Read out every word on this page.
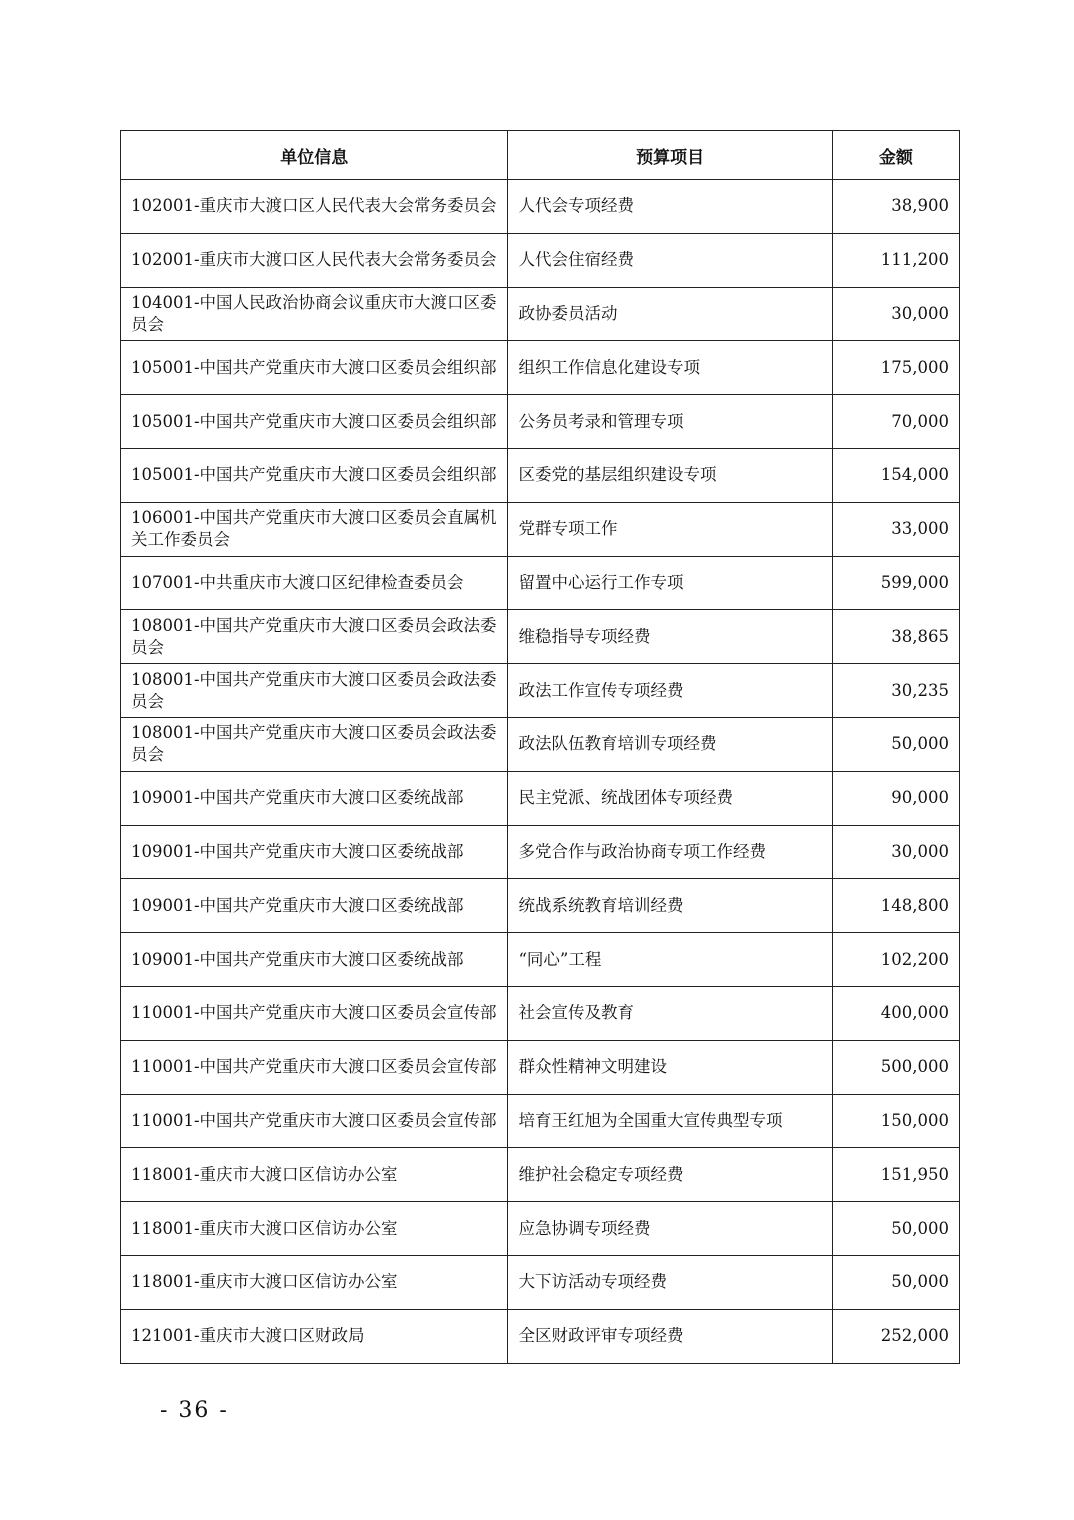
单位信息	预算项目	金额
102001-重庆市大渡口区人民代表大会常务委员会	人代会专项经费	38,900
102001-重庆市大渡口区人民代表大会常务委员会	人代会住宿经费	111,200
104001-中国人民政治协商会议重庆市大渡口区委员会	政协委员活动	30,000
105001-中国共产党重庆市大渡口区委员会组织部	组织工作信息化建设专项	175,000
105001-中国共产党重庆市大渡口区委员会组织部	公务员考录和管理专项	70,000
105001-中国共产党重庆市大渡口区委员会组织部	区委党的基层组织建设专项	154,000
106001-中国共产党重庆市大渡口区委员会直属机关工作委员会	党群专项工作	33,000
107001-中共重庆市大渡口区纪律检查委员会	留置中心运行工作专项	599,000
108001-中国共产党重庆市大渡口区委员会政法委员会	维稳指导专项经费	38,865
108001-中国共产党重庆市大渡口区委员会政法委员会	政法工作宣传专项经费	30,235
108001-中国共产党重庆市大渡口区委员会政法委员会	政法队伍教育培训专项经费	50,000
109001-中国共产党重庆市大渡口区委统战部	民主党派、统战团体专项经费	90,000
109001-中国共产党重庆市大渡口区委统战部	多党合作与政治协商专项工作经费	30,000
109001-中国共产党重庆市大渡口区委统战部	统战系统教育培训经费	148,800
109001-中国共产党重庆市大渡口区委统战部	“同心”工程	102,200
110001-中国共产党重庆市大渡口区委员会宣传部	社会宣传及教育	400,000
110001-中国共产党重庆市大渡口区委员会宣传部	群众性精神文明建设	500,000
110001-中国共产党重庆市大渡口区委员会宣传部	培育王红旭为全国重大宣传典型专项	150,000
118001-重庆市大渡口区信访办公室	维护社会稳定专项经费	151,950
118001-重庆市大渡口区信访办公室	应急协调专项经费	50,000
118001-重庆市大渡口区信访办公室	大下访活动专项经费	50,000
121001-重庆市大渡口区财政局	全区财政评审专项经费	252,000
- 36 -
